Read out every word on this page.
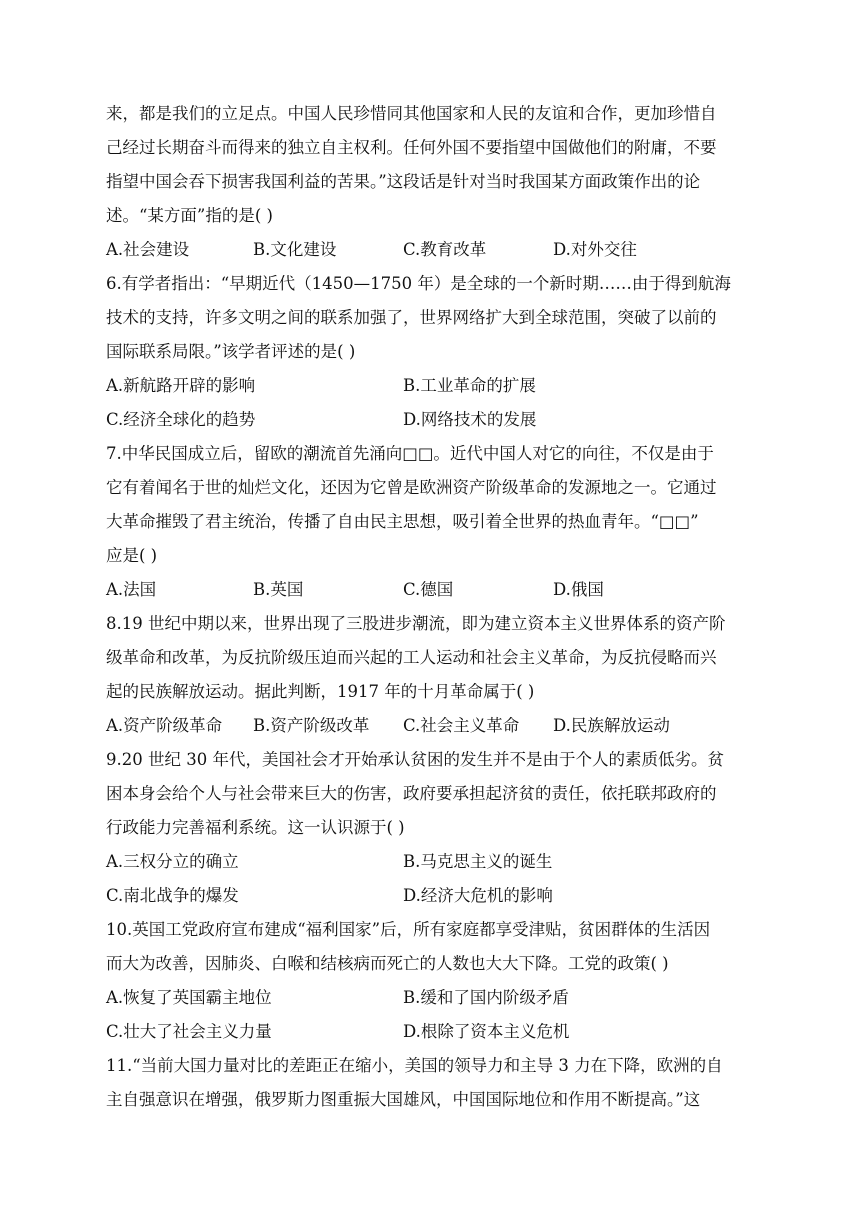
来，都是我们的立足点。中国人民珍惜同其他国家和人民的友谊和合作，更加珍惜自
己经过长期奋斗而得来的独立自主权利。任何外国不要指望中国做他们的附庸，不要
指望中国会吞下损害我国利益的苦果。”这段话是针对当时我国某方面政策作出的论
述。“某方面”指的是( )
A.社会建设	B.文化建设	C.教育改革	D.对外交往
6.有学者指出：“早期近代（1450—1750 年）是全球的一个新时期……由于得到航海
技术的支持，许多文明之间的联系加强了，世界网络扩大到全球范围，突破了以前的
国际联系局限。”该学者评述的是( )
A.新航路开辟的影响	B.工业革命的扩展
C.经济全球化的趋势	D.网络技术的发展
7.中华民国成立后，留欧的潮流首先涌向□□。近代中国人对它的向往，不仅是由于
它有着闻名于世的灿烂文化，还因为它曾是欧洲资产阶级革命的发源地之一。它通过
大革命摧毁了君主统治，传播了自由民主思想，吸引着全世界的热血青年。“□□”
应是( )
A.法国	B.英国	C.德国	D.俄国
8.19 世纪中期以来，世界出现了三股进步潮流，即为建立资本主义世界体系的资产阶
级革命和改革，为反抗阶级压迫而兴起的工人运动和社会主义革命，为反抗侵略而兴
起的民族解放运动。据此判断，1917 年的十月革命属于( )
A.资产阶级革命 B.资产阶级改革 C.社会主义革命 D.民族解放运动
9.20 世纪 30 年代，美国社会才开始承认贫困的发生并不是由于个人的素质低劣。贫
困本身会给个人与社会带来巨大的伤害，政府要承担起济贫的责任，依托联邦政府的
行政能力完善福利系统。这一认识源于( )
A.三权分立的确立	B.马克思主义的诞生
C.南北战争的爆发	D.经济大危机的影响
10.英国工党政府宣布建成“福利国家”后，所有家庭都享受津贴，贫困群体的生活因
而大为改善，因肺炎、白喉和结核病而死亡的人数也大大下降。工党的政策( )
A.恢复了英国霸主地位	B.缓和了国内阶级矛盾
C.壮大了社会主义力量	D.根除了资本主义危机
11.“当前大国力量对比的差距正在缩小，美国的领导力和主导 3 力在下降，欧洲的自
主自强意识在增强，俄罗斯力图重振大国雄风，中国国际地位和作用不断提高。”这
